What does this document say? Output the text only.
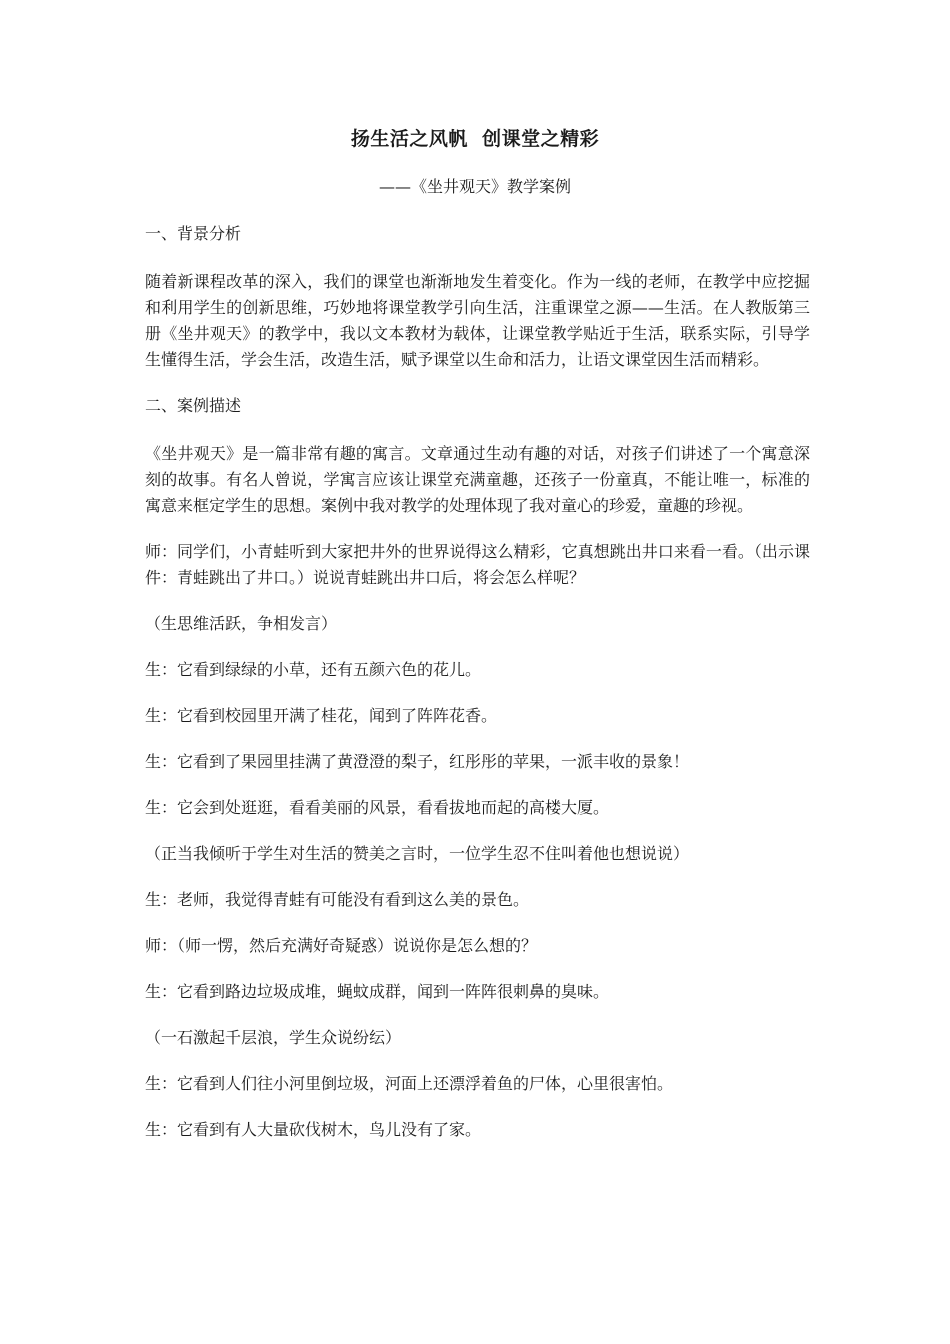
扬生活之风帆  创课堂之精彩
——《坐井观天》教学案例

一、背景分析

随着新课程改革的深入，我们的课堂也渐渐地发生着变化。作为一线的老师，在教学中应挖掘和利用学生的创新思维，巧妙地将课堂教学引向生活，注重课堂之源——生活。在人教版第三册《坐井观天》的教学中，我以文本教材为载体，让课堂教学贴近于生活，联系实际，引导学生懂得生活，学会生活，改造生活，赋予课堂以生命和活力，让语文课堂因生活而精彩。

二、案例描述

《坐井观天》是一篇非常有趣的寓言。文章通过生动有趣的对话，对孩子们讲述了一个寓意深刻的故事。有名人曾说，学寓言应该让课堂充满童趣，还孩子一份童真，不能让唯一，标准的寓意来框定学生的思想。案例中我对教学的处理体现了我对童心的珍爱，童趣的珍视。

师：同学们，小青蛙听到大家把井外的世界说得这么精彩，它真想跳出井口来看一看。（出示课件：青蛙跳出了井口。）说说青蛙跳出井口后，将会怎么样呢？

（生思维活跃，争相发言）

生：它看到绿绿的小草，还有五颜六色的花儿。

生：它看到校园里开满了桂花，闻到了阵阵花香。

生：它看到了果园里挂满了黄澄澄的梨子，红彤彤的苹果，一派丰收的景象！

生：它会到处逛逛，看看美丽的风景，看看拔地而起的高楼大厦。

（正当我倾听于学生对生活的赞美之言时，一位学生忍不住叫着他也想说说）

生：老师，我觉得青蛙有可能没有看到这么美的景色。

师：（师一愣，然后充满好奇疑惑）说说你是怎么想的？

生：它看到路边垃圾成堆，蝇蚊成群，闻到一阵阵很刺鼻的臭味。

（一石激起千层浪，学生众说纷纭）

生：它看到人们往小河里倒垃圾，河面上还漂浮着鱼的尸体，心里很害怕。

生：它看到有人大量砍伐树木，鸟儿没有了家。
